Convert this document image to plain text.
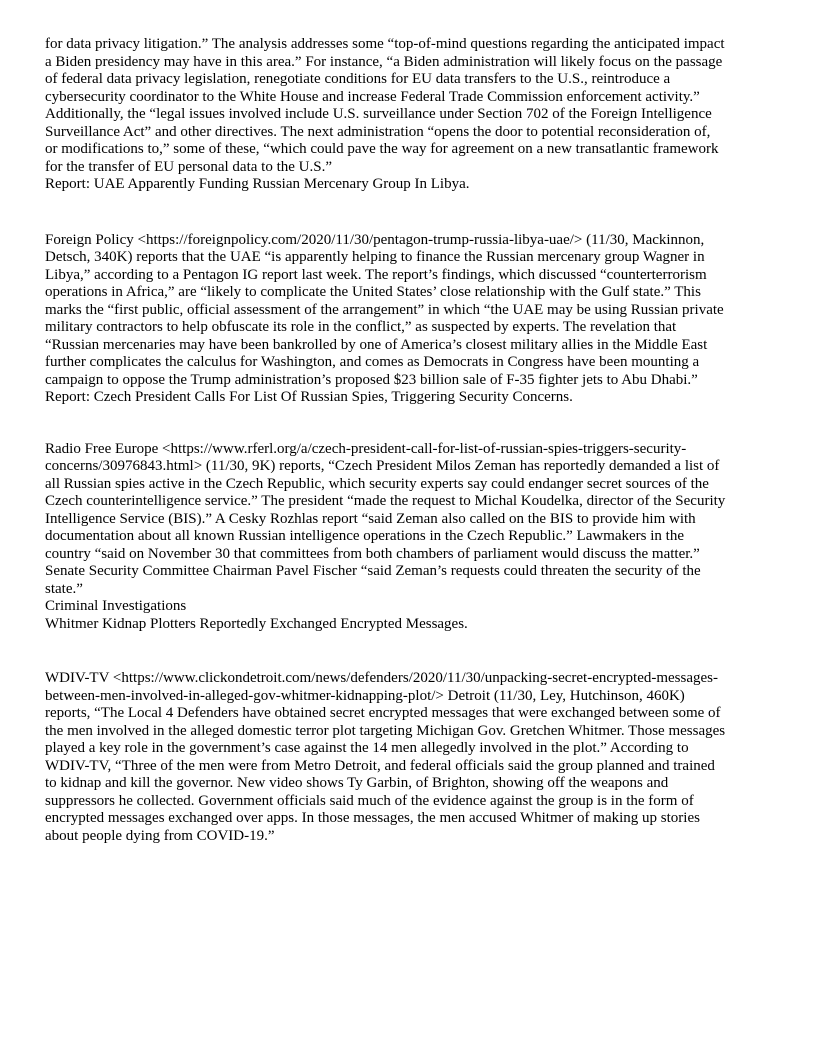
for data privacy litigation.” The analysis addresses some “top-of-mind questions regarding the anticipated impact
a Biden presidency may have in this area.” For instance, “a Biden administration will likely focus on the passage
of federal data privacy legislation, renegotiate conditions for EU data transfers to the U.S., reintroduce a
cybersecurity coordinator to the White House and increase Federal Trade Commission enforcement activity.”
Additionally, the “legal issues involved include U.S. surveillance under Section 702 of the Foreign Intelligence
Surveillance Act” and other directives. The next administration “opens the door to potential reconsideration of,
or modifications to,” some of these, “which could pave the way for agreement on a new transatlantic framework
for the transfer of EU personal data to the U.S.”

Report: UAE Apparently Funding Russian Mercenary Group In Libya.

Foreign Policy <https://foreignpolicy.com/2020/11/30/pentagon-trump-russia-libya-uae/> (11/30, Mackinnon,
Detsch, 340K) reports that the UAE “is apparently helping to finance the Russian mercenary group Wagner in
Libya,” according to a Pentagon IG report last week. The report’s findings, which discussed “counterterrorism
operations in Africa,” are “likely to complicate the United States’ close relationship with the Gulf state.” This
marks the “first public, official assessment of the arrangement” in which “the UAE may be using Russian private
military contractors to help obfuscate its role in the conflict,” as suspected by experts. The revelation that
“Russian mercenaries may have been bankrolled by one of America’s closest military allies in the Middle East
further complicates the calculus for Washington, and comes as Democrats in Congress have been mounting a
campaign to oppose the Trump administration’s proposed $23 billion sale of F-35 fighter jets to Abu Dhabi.”

Report: Czech President Calls For List Of Russian Spies, Triggering Security Concerns.

Radio Free Europe <https://www.rferl.org/a/czech-president-call-for-list-of-russian-spies-triggers-security-
concerns/30976843.html> (11/30, 9K) reports, “Czech President Milos Zeman has reportedly demanded a list of
all Russian spies active in the Czech Republic, which security experts say could endanger secret sources of the
Czech counterintelligence service.” The president “made the request to Michal Koudelka, director of the Security
Intelligence Service (BIS).” A Cesky Rozhlas report “said Zeman also called on the BIS to provide him with
documentation about all known Russian intelligence operations in the Czech Republic.” Lawmakers in the
country “said on November 30 that committees from both chambers of parliament would discuss the matter.”
Senate Security Committee Chairman Pavel Fischer “said Zeman’s requests could threaten the security of the
state.”

Criminal Investigations

Whitmer Kidnap Plotters Reportedly Exchanged Encrypted Messages.

WDIV-TV <https://www.clickondetroit.com/news/defenders/2020/11/30/unpacking-secret-encrypted-messages-
between-men-involved-in-alleged-gov-whitmer-kidnapping-plot/> Detroit (11/30, Ley, Hutchinson, 460K)
reports, “The Local 4 Defenders have obtained secret encrypted messages that were exchanged between some of
the men involved in the alleged domestic terror plot targeting Michigan Gov. Gretchen Whitmer. Those messages
played a key role in the government’s case against the 14 men allegedly involved in the plot.” According to
WDIV-TV, “Three of the men were from Metro Detroit, and federal officials said the group planned and trained
to kidnap and kill the governor. New video shows Ty Garbin, of Brighton, showing off the weapons and
suppressors he collected. Government officials said much of the evidence against the group is in the form of
encrypted messages exchanged over apps. In those messages, the men accused Whitmer of making up stories
about people dying from COVID-19.”
